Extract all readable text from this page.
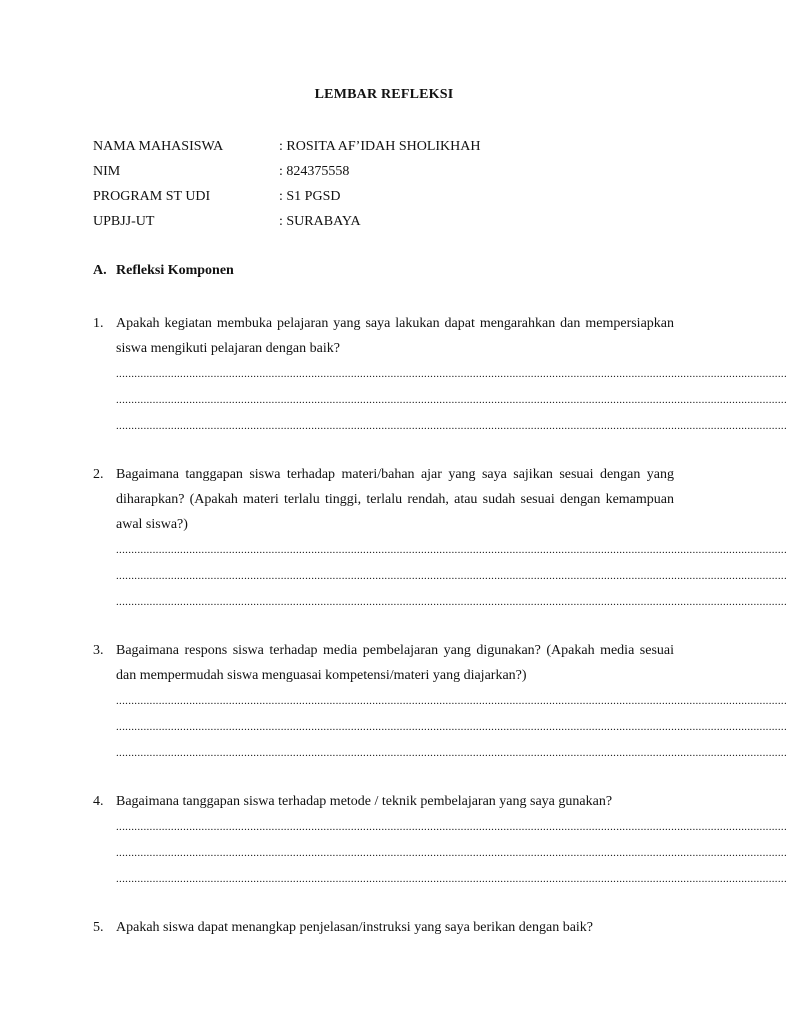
LEMBAR REFLEKSI
NAMA MAHASISWA	: ROSITA AF’IDAH SHOLIKHAH
NIM	: 824375558
PROGRAM ST UDI	: S1 PGSD
UPBJJ-UT	: SURABAYA
A. Refleksi Komponen
1. Apakah kegiatan membuka pelajaran yang saya lakukan dapat mengarahkan dan mempersiapkan siswa mengikuti pelajaran dengan baik?
............................................................................................................................................................................................................................
............................................................................................................................................................................................................................
............................................................................................................................................................................................................................
2. Bagaimana tanggapan siswa terhadap materi/bahan ajar yang saya sajikan sesuai dengan yang diharapkan? (Apakah materi terlalu tinggi, terlalu rendah, atau sudah sesuai dengan kemampuan awal siswa?)
............................................................................................................................................................................................................................
............................................................................................................................................................................................................................
............................................................................................................................................................................................................................
3. Bagaimana respons siswa terhadap media pembelajaran yang digunakan? (Apakah media sesuai dan mempermudah siswa menguasai kompetensi/materi yang diajarkan?)
............................................................................................................................................................................................................................
............................................................................................................................................................................................................................
............................................................................................................................................................................................................................
4. Bagaimana tanggapan siswa terhadap metode / teknik pembelajaran yang saya gunakan?
............................................................................................................................................................................................................................
............................................................................................................................................................................................................................
............................................................................................................................................................................................................................
5. Apakah siswa dapat menangkap penjelasan/instruksi yang saya berikan dengan baik?
